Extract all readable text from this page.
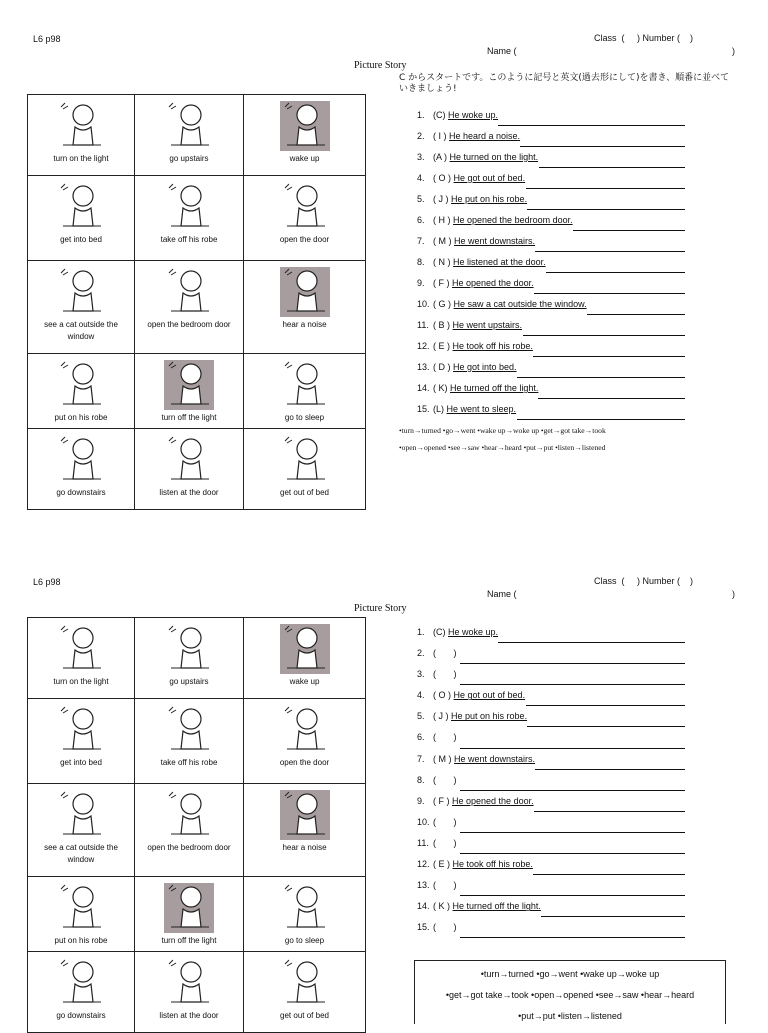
L6 p98	Class  (     ) Number (    )
Name (	)
Picture Story
C からスタートです。このように記号と英文(過去形にして)を書き、順番に並べていきましょう!
turn on the light	go upstairs	wake up

get into bed	take off his robe	open the door

see a cat outside the window	open the bedroom door	hear a noise

put on his robe	turn off the light	go to sleep

go downstairs	listen at the door	get out of bed
1. (C) He woke up.
2. ( I ) He heard a noise.
3. (A ) He turned on the light.
4. ( O ) He got out of bed.
5. ( J ) He put on his robe.
6. ( H ) He opened the bedroom door.
7. ( M ) He went downstairs.
8. ( N ) He listened at the door.
9. ( F ) He opened the door.
10. ( G ) He saw a cat outside the window.
11. ( B ) He went upstairs.
12. ( E ) He took off his robe.
13. ( D ) He got into bed.
14. ( K) He turned off the light.
15. (L) He went to sleep.
•turn→turned •go→went •wake up→woke up •get→got take→took
•open→opened •see→saw •hear→heard •put→put •listen→listened
L6 p98	Class  (     ) Number (    )
Name (	)
Picture Story
turn on the light	go upstairs	wake up

get into bed	take off his robe	open the door

see a cat outside the window	open the bedroom door	hear a noise

put on his robe	turn off the light	go to sleep

go downstairs	listen at the door	get out of bed
1. (C) He woke up.
2. (       )
3. (       )
4. ( O ) He got out of bed.
5. ( J ) He put on his robe.
6. (       )
7. ( M ) He went downstairs.
8. (       )
9. ( F ) He opened the door.
10. (       )
11. (       )
12. ( E ) He took off his robe.
13. (       )
14. ( K ) He turned off the light.
15. (       )
•turn→turned •go→went •wake up→woke up
•get→got take→took •open→opened •see→saw •hear→heard
•put→put •listen→listened
